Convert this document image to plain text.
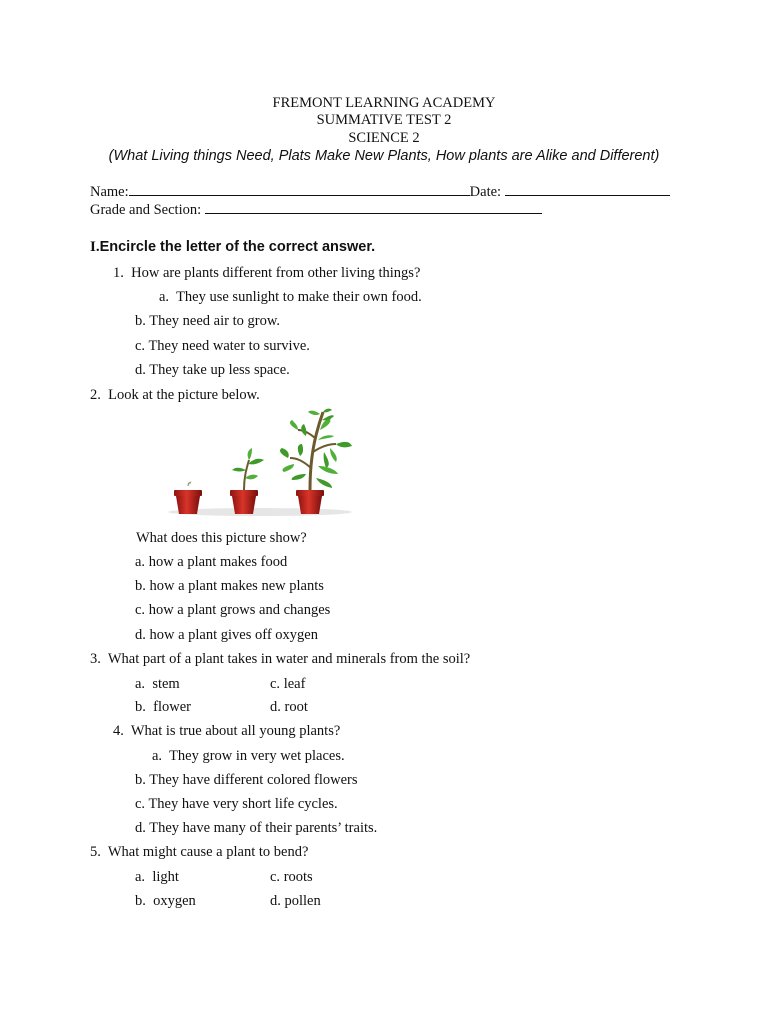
FREMONT LEARNING ACADEMY
SUMMATIVE TEST 2
SCIENCE 2
(What Living things Need, Plats Make New Plants, How plants are Alike and Different)
Name:	Date:
Grade and Section:
I.Encircle the letter of the correct answer.
1. How are plants different from other living things?
a. They use sunlight to make their own food.
b. They need air to grow.
c. They need water to survive.
d. They take up less space.
2. Look at the picture below.
What does this picture show?
a. how a plant makes food
b. how a plant makes new plants
c. how a plant grows and changes
d. how a plant gives off oxygen
3. What part of a plant takes in water and minerals from the soil?
a. stem	c. leaf
b. flower	d. root
4. What is true about all young plants?
a. They grow in very wet places.
b. They have different colored flowers
c. They have very short life cycles.
d. They have many of their parents’ traits.
5. What might cause a plant to bend?
a. light	c. roots
b. oxygen	d. pollen
